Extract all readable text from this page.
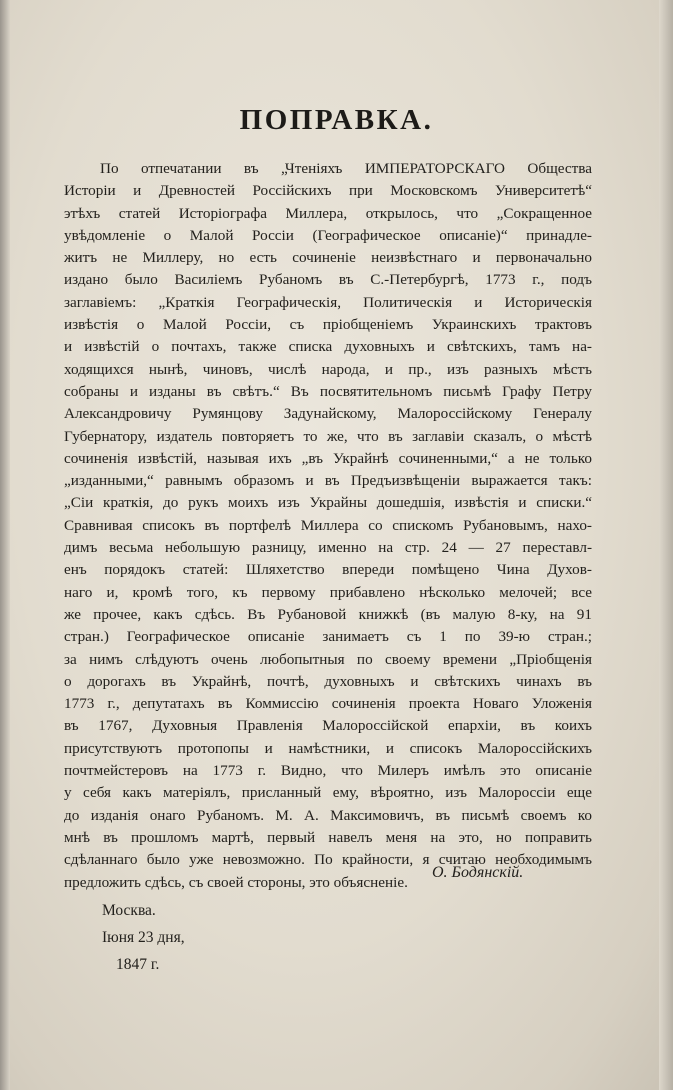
ПОПРАВКА.
По отпечатании въ „Чтеніяхъ ИМПЕРАТОРСКАГО Общества
Исторіи и Древностей Россійскихъ при Московскомъ Университетѣ“
этѣхъ статей Исторіографа Миллера, открылось, что „Сокращенное
увѣдомленіе о Малой Россіи (Географическое описаніе)“ принадле-
житъ не Миллеру, но есть сочиненіе неизвѣстнаго и первоначально
издано было Василіемъ Рубаномъ въ С.-Петербургѣ, 1773 г., подъ
заглавіемъ: „Краткія Географическія, Политическія и Историческія
извѣстія о Малой Россіи, съ пріобщеніемъ Украинскихъ трактовъ
и извѣстій о почтахъ, также списка духовныхъ и свѣтскихъ, тамъ на-
ходящихся нынѣ, чиновъ, числѣ народа, и пр., изъ разныхъ мѣстъ
собраны и изданы въ свѣтъ.“ Въ посвятительномъ письмѣ Графу Петру
Александровичу Румянцову Задунайскому, Малороссійскому Генералу
Губернатору, издатель повторяетъ то же, что въ заглавіи сказалъ, о мѣстѣ
сочиненія извѣстій, называя ихъ „въ Украйнѣ сочиненными,“ а не только
„изданными,“ равнымъ образомъ и въ Предъизвѣщеніи выражается такъ:
„Сіи краткія, до рукъ моихъ изъ Украйны дошедшія, извѣстія и списки.“
Сравнивая списокъ въ портфелѣ Миллера со спискомъ Рубановымъ, нахо-
димъ весьма небольшую разницу, именно на стр. 24 — 27 переставл-
енъ порядокъ статей: Шляхетство впереди помѣщено Чина Духов-
наго и, кромѣ того, къ первому прибавлено нѣсколько мелочей; все
же прочее, какъ сдѣсь. Въ Рубановой книжкѣ (въ малую 8-ку, на 91
стран.) Географическое описаніе занимаетъ съ 1 по 39-ю стран.;
за нимъ слѣдуютъ очень любопытныя по своему времени „Пріобщенія
о дорогахъ въ Украйнѣ, почтѣ, духовныхъ и свѣтскихъ чинахъ въ
1773 г., депутатахъ въ Коммиссію сочиненія проекта Новаго Уложенія
въ 1767, Духовныя Правленія Малороссійской епархіи, въ коихъ
присутствуютъ протопопы и намѣстники, и списокъ Малороссійскихъ
почтмейстеровъ на 1773 г. Видно, что Милеръ имѣлъ это описаніе
у себя какъ матеріялъ, присланный ему, вѣроятно, изъ Малороссіи еще
до изданія онаго Рубаномъ. М. А. Максимовичъ, въ письмѣ своемъ ко
мнѣ въ прошломъ мартѣ, первый навелъ меня на это, но поправить
сдѣланнаго было уже невозможно. По крайности, я считаю необходимымъ
предложить сдѣсь, съ своей стороны, это объясненіе.
О. Бодянскій.
Москва.
Іюня 23 дня,
1847 г.
